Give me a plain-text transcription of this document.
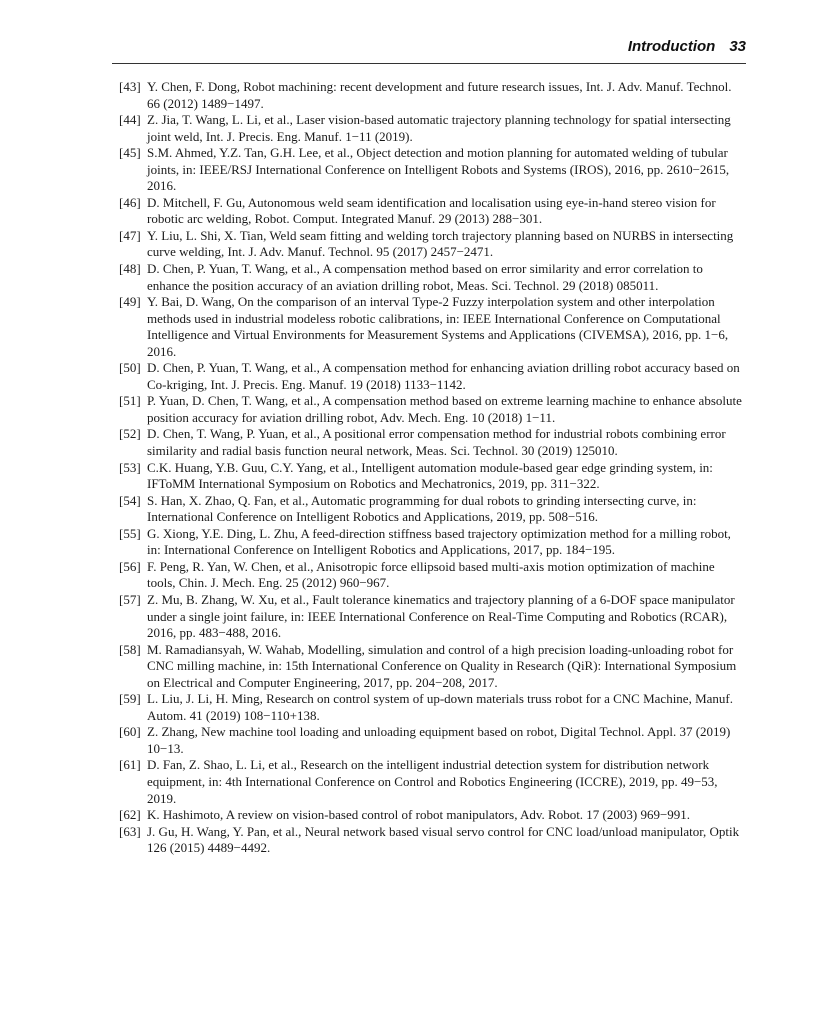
Introduction 33
[43] Y. Chen, F. Dong, Robot machining: recent development and future research issues, Int. J. Adv. Manuf. Technol. 66 (2012) 1489−1497.
[44] Z. Jia, T. Wang, L. Li, et al., Laser vision-based automatic trajectory planning technology for spatial intersecting joint weld, Int. J. Precis. Eng. Manuf. 1−11 (2019).
[45] S.M. Ahmed, Y.Z. Tan, G.H. Lee, et al., Object detection and motion planning for automated welding of tubular joints, in: IEEE/RSJ International Conference on Intelligent Robots and Systems (IROS), 2016, pp. 2610−2615, 2016.
[46] D. Mitchell, F. Gu, Autonomous weld seam identification and localisation using eye-in-hand stereo vision for robotic arc welding, Robot. Comput. Integrated Manuf. 29 (2013) 288−301.
[47] Y. Liu, L. Shi, X. Tian, Weld seam fitting and welding torch trajectory planning based on NURBS in intersecting curve welding, Int. J. Adv. Manuf. Technol. 95 (2017) 2457−2471.
[48] D. Chen, P. Yuan, T. Wang, et al., A compensation method based on error similarity and error correlation to enhance the position accuracy of an aviation drilling robot, Meas. Sci. Technol. 29 (2018) 085011.
[49] Y. Bai, D. Wang, On the comparison of an interval Type-2 Fuzzy interpolation system and other interpolation methods used in industrial modeless robotic calibrations, in: IEEE International Conference on Computational Intelligence and Virtual Environments for Measurement Systems and Applications (CIVEMSA), 2016, pp. 1−6, 2016.
[50] D. Chen, P. Yuan, T. Wang, et al., A compensation method for enhancing aviation drilling robot accuracy based on Co-kriging, Int. J. Precis. Eng. Manuf. 19 (2018) 1133−1142.
[51] P. Yuan, D. Chen, T. Wang, et al., A compensation method based on extreme learning machine to enhance absolute position accuracy for aviation drilling robot, Adv. Mech. Eng. 10 (2018) 1−11.
[52] D. Chen, T. Wang, P. Yuan, et al., A positional error compensation method for industrial robots combining error similarity and radial basis function neural network, Meas. Sci. Technol. 30 (2019) 125010.
[53] C.K. Huang, Y.B. Guu, C.Y. Yang, et al., Intelligent automation module-based gear edge grinding system, in: IFToMM International Symposium on Robotics and Mechatronics, 2019, pp. 311−322.
[54] S. Han, X. Zhao, Q. Fan, et al., Automatic programming for dual robots to grinding intersecting curve, in: International Conference on Intelligent Robotics and Applications, 2019, pp. 508−516.
[55] G. Xiong, Y.E. Ding, L. Zhu, A feed-direction stiffness based trajectory optimization method for a milling robot, in: International Conference on Intelligent Robotics and Applications, 2017, pp. 184−195.
[56] F. Peng, R. Yan, W. Chen, et al., Anisotropic force ellipsoid based multi-axis motion optimization of machine tools, Chin. J. Mech. Eng. 25 (2012) 960−967.
[57] Z. Mu, B. Zhang, W. Xu, et al., Fault tolerance kinematics and trajectory planning of a 6-DOF space manipulator under a single joint failure, in: IEEE International Conference on Real-Time Computing and Robotics (RCAR), 2016, pp. 483−488, 2016.
[58] M. Ramadiansyah, W. Wahab, Modelling, simulation and control of a high precision loading-unloading robot for CNC milling machine, in: 15th International Conference on Quality in Research (QiR): International Symposium on Electrical and Computer Engineering, 2017, pp. 204−208, 2017.
[59] L. Liu, J. Li, H. Ming, Research on control system of up-down materials truss robot for a CNC Machine, Manuf. Autom. 41 (2019) 108−110+138.
[60] Z. Zhang, New machine tool loading and unloading equipment based on robot, Digital Technol. Appl. 37 (2019) 10−13.
[61] D. Fan, Z. Shao, L. Li, et al., Research on the intelligent industrial detection system for distribution network equipment, in: 4th International Conference on Control and Robotics Engineering (ICCRE), 2019, pp. 49−53, 2019.
[62] K. Hashimoto, A review on vision-based control of robot manipulators, Adv. Robot. 17 (2003) 969−991.
[63] J. Gu, H. Wang, Y. Pan, et al., Neural network based visual servo control for CNC load/unload manipulator, Optik 126 (2015) 4489−4492.
